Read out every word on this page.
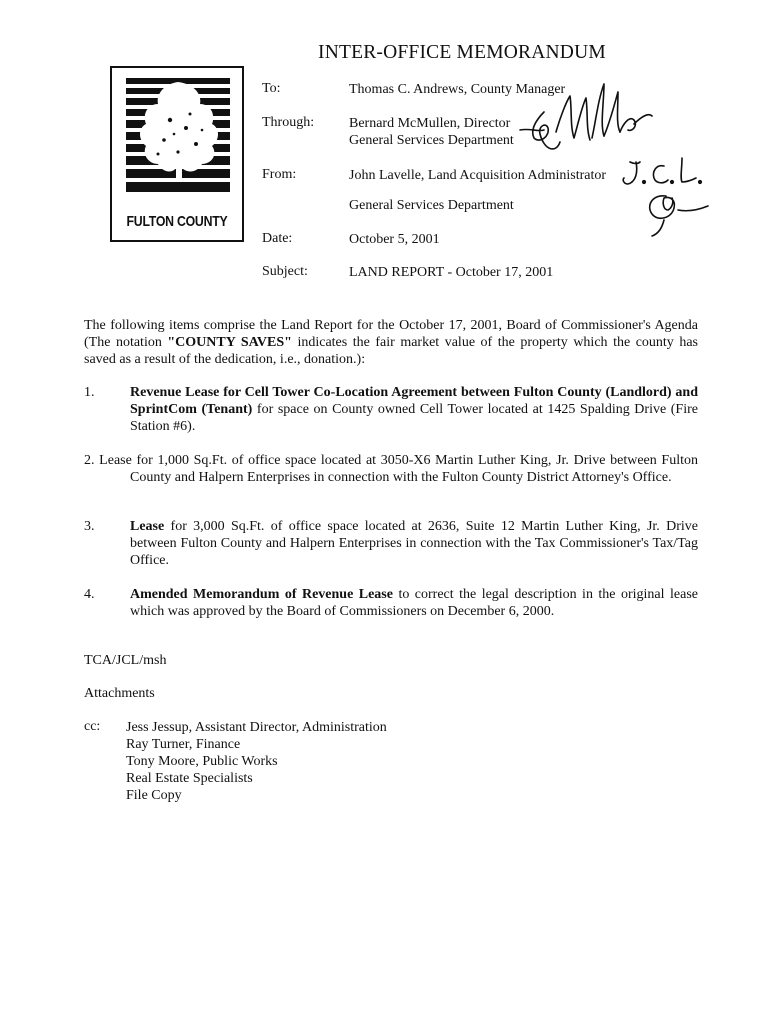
INTER-OFFICE MEMORANDUM
FULTON COUNTY
To:	Thomas C. Andrews, County Manager
Through: Bernard McMullen, Director
General Services Department
From:	John Lavelle, Land Acquisition Administrator
General Services Department
Date:	October 5, 2001
Subject:	LAND REPORT - October 17, 2001
The following items comprise the Land Report for the October 17, 2001, Board of Commissioner's Agenda (The notation "COUNTY SAVES" indicates the fair market value of the property which the county has saved as a result of the dedication, i.e., donation.):
1.	Revenue Lease for Cell Tower Co-Location Agreement between Fulton County (Landlord) and SprintCom (Tenant) for space on County owned Cell Tower located at 1425 Spalding Drive (Fire Station #6).
2. Lease for 1,000 Sq.Ft. of office space located at 3050-X6 Martin Luther King, Jr. Drive between Fulton County and Halpern Enterprises in connection with the Fulton County District Attorney's Office.
3.	Lease for 3,000 Sq.Ft. of office space located at 2636, Suite 12 Martin Luther King, Jr. Drive between Fulton County and Halpern Enterprises in connection with the Tax Commissioner's Tax/Tag Office.
4.	Amended Memorandum of Revenue Lease to correct the legal description in the original lease which was approved by the Board of Commissioners on December 6, 2000.
TCA/JCL/msh
Attachments
cc: Jess Jessup, Assistant Director, Administration
Ray Turner, Finance
Tony Moore, Public Works
Real Estate Specialists
File Copy
